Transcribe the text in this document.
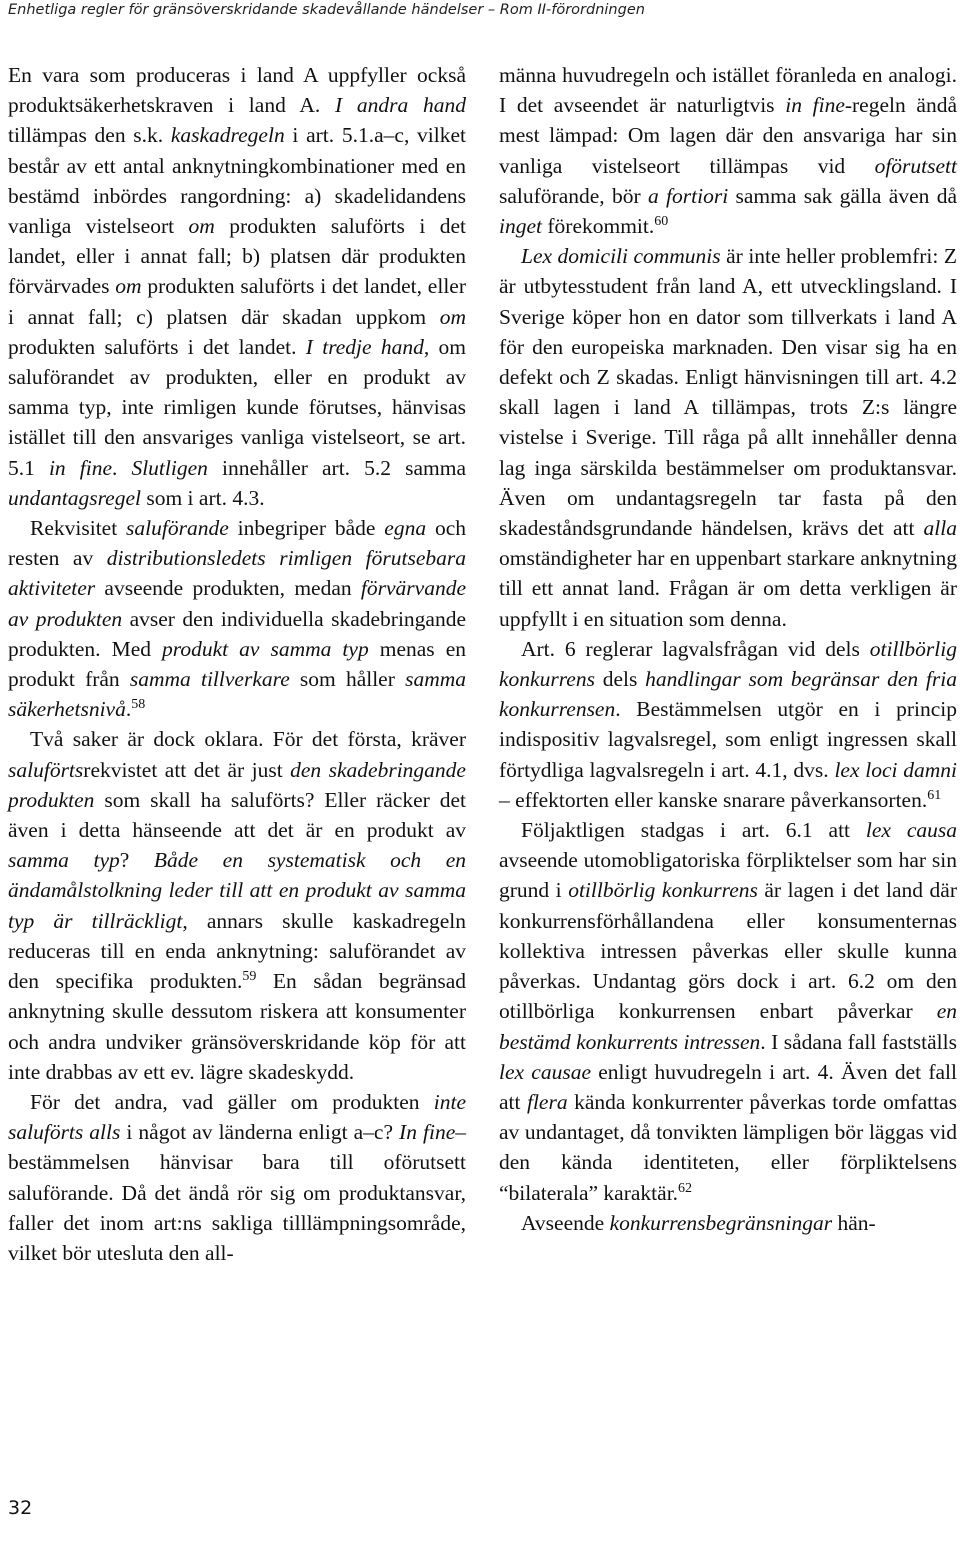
Enhetliga regler för gränsöverskridande skadevållande händelser – Rom II-förordningen

En vara som produceras i land A uppfyller också produktsäkerhetskraven i land A. I andra hand tillämpas den s.k. kaskadregeln i art. 5.1.a–c, vilket består av ett antal anknytningkombinationer med en bestämd inbördes rangordning: a) skadelidandens vanliga vistelseort om produkten saluförts i det landet, eller i annat fall; b) platsen där produkten förvärvades om produkten saluförts i det landet, eller i annat fall; c) platsen där skadan uppkom om produkten saluförts i det landet. I tredje hand, om saluförandet av produkten, eller en produkt av samma typ, inte rimligen kunde förutses, hänvisas istället till den ansvariges vanliga vistelseort, se art. 5.1 in fine. Slutligen innehåller art. 5.2 samma undantagsregel som i art. 4.3.

Rekvisitet saluförande inbegriper både egna och resten av distributionsledets rimligen förutsebara aktiviteter avseende produkten, medan förvärvande av produkten avser den individuella skadebringande produkten. Med produkt av samma typ menas en produkt från samma tillverkare som håller samma säkerhetsnivå.$^{58}$

Två saker är dock oklara. För det första, kräver saluförtsrekvistet att det är just den skadebringande produkten som skall ha saluförts? Eller räcker det även i detta hänseende att det är en produkt av samma typ? Både en systematisk och en ändamålstolkning leder till att en produkt av samma typ är tillräckligt, annars skulle kaskadregeln reduceras till en enda anknytning: saluförandet av den specifika produkten.$^{59}$ En sådan begränsad anknytning skulle dessutom riskera att konsumenter och andra undviker gränsöverskridande köp för att inte drabbas av ett ev. lägre skadeskydd.

För det andra, vad gäller om produkten inte saluförts alls i något av länderna enligt a–c? In fine–bestämmelsen hänvisar bara till oförutsett saluförande. Då det ändå rör sig om produktansvar, faller det inom art:ns sakliga tilllämpningsområde, vilket bör utesluta den all-

männa huvudregeln och istället föranleda en analogi. I det avseendet är naturligtvis in fine-regeln ändå mest lämpad: Om lagen där den ansvariga har sin vanliga vistelseort tillämpas vid oförutsett saluförande, bör a fortiori samma sak gälla även då inget förekommit.$^{60}$

Lex domicili communis är inte heller problemfri: Z är utbytesstudent från land A, ett utvecklingsland. I Sverige köper hon en dator som tillverkats i land A för den europeiska marknaden. Den visar sig ha en defekt och Z skadas. Enligt hänvisningen till art. 4.2 skall lagen i land A tillämpas, trots Z:s längre vistelse i Sverige. Till råga på allt innehåller denna lag inga särskilda bestämmelser om produktansvar. Även om undantagsregeln tar fasta på den skadeståndsgrundande händelsen, krävs det att alla omständigheter har en uppenbart starkare anknytning till ett annat land. Frågan är om detta verkligen är uppfyllt i en situation som denna.

Art. 6 reglerar lagvalsfrågan vid dels otillbörlig konkurrens dels handlingar som begränsar den fria konkurrensen. Bestämmelsen utgör en i princip indispositiv lagvalsregel, som enligt ingressen skall förtydliga lagvalsregeln i art. 4.1, dvs. lex loci damni – effektorten eller kanske snarare påverkansorten.$^{61}$

Följaktligen stadgas i art. 6.1 att lex causa avseende utomobligatoriska förpliktelser som har sin grund i otillbörlig konkurrens är lagen i det land där konkurrensförhållandena eller konsumenternas kollektiva intressen påverkas eller skulle kunna påverkas. Undantag görs dock i art. 6.2 om den otillbörliga konkurrensen enbart påverkar en bestämd konkurrents intressen. I sådana fall fastställs lex causae enligt huvudregeln i art. 4. Även det fall att flera kända konkurrenter påverkas torde omfattas av undantaget, då tonvikten lämpligen bör läggas vid den kända identiteten, eller förpliktelsens “bilaterala” karaktär.$^{62}$

Avseende konkurrensbegränsningar hän-

32
